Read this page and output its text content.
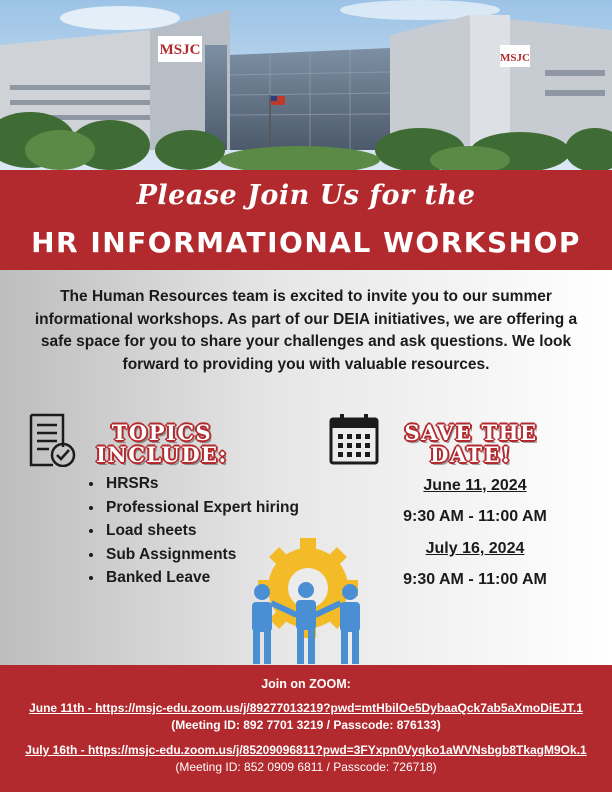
MSJC	MSJC
Please Join Us for the
HR INFORMATIONAL WORKSHOP
The Human Resources team is excited to invite you to our summer informational workshops. As part of our DEIA initiatives, we are offering a safe space for you to share your challenges and ask questions. We look forward to providing you with valuable resources.
TOPICS
INCLUDE:
• HRSRs
• Professional Expert hiring
• Load sheets
• Sub Assignments
• Banked Leave
SAVE THE
DATE!
June 11, 2024
9:30 AM - 11:00 AM
July 16, 2024
9:30 AM - 11:00 AM
Join on ZOOM:
June 11th - https://msjc-edu.zoom.us/j/89277013219?pwd=mtHbilOe5DybaaQck7ab5aXmoDiEJT.1
(Meeting ID: 892 7701 3219 / Passcode: 876133)
July 16th - https://msjc-edu.zoom.us/j/85209096811?pwd=3FYxpn0Vyqko1aWVNsbgb8TkagM9Ok.1
(Meeting ID: 852 0909 6811 / Passcode: 726718)
